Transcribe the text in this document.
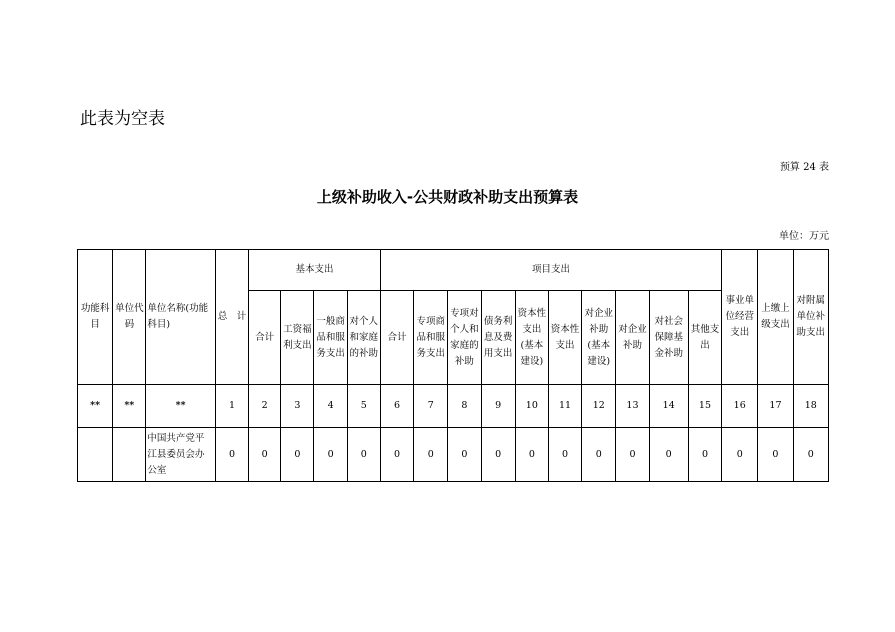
此表为空表
预算 24 表
上级补助收入-公共财政补助支出预算表
单位：万元
功能科目	单位代码	单位名称(功能科目)	总　计	基本支出				项目支出										事业单位经营支出	上缴上级支出	对附属单位补助支出
				合计	工资福利支出	一般商品和服务支出	对个人和家庭的补助	合计	专项商品和服务支出	专项对个人和家庭的补助	债务利息及费用支出	资本性支出(基本建设)	资本性支出	对企业补助(基本建设)	对企业补助	对社会保障基金补助	其他支出			
**	**	**	1	2	3	4	5	6	7	8	9	10	11	12	13	14	15	16	17	18
		中国共产党平江县委员会办公室	0	0	0	0	0	0	0	0	0	0	0	0	0	0	0	0	0	0
